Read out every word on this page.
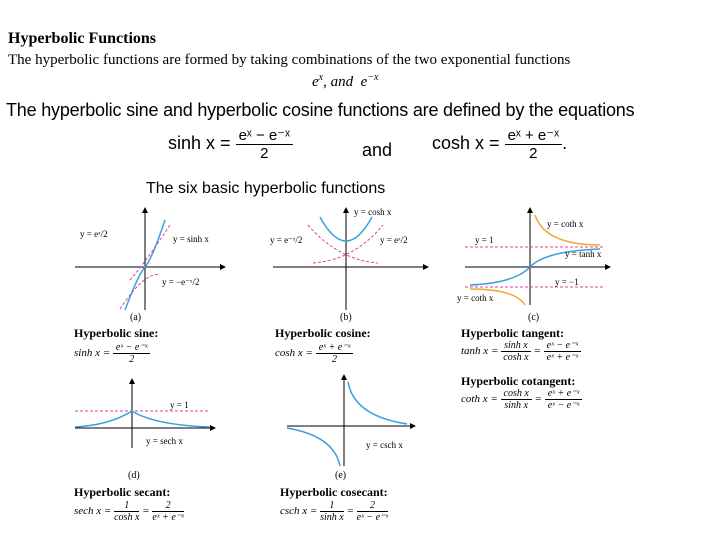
Hyperbolic Functions
The hyperbolic functions are formed by taking combinations of the two exponential functions
$e^x$, and  $e^{-x}$
The hyperbolic sine and hyperbolic cosine functions are defined by the equations
$\sinh x = \frac{\text{eˣ − e⁻ˣ}}{2}$	and $\cosh x = \frac{\text{eˣ + e⁻ˣ}}{2}$ .
The six basic hyperbolic functions
y = eˣ/2	y = sinh x
y = −e⁻ˣ/2
(a)
Hyperbolic sine:
$\sinh x = \frac{\text{eˣ − e⁻ˣ}}{2}$
y = cosh x
y = e⁻ˣ/2	y = eˣ/2
(b)
Hyperbolic cosine:
$\cosh x = \frac{\text{eˣ + e⁻ˣ}}{2}$
y = coth x
y = 1
y = tanh x
y = −1
y = coth x
(c)
Hyperbolic tangent:
$\tanh x = \frac{\text{sinh x}}{\text{cosh x}} = \frac{\text{eˣ − e⁻ˣ}}{\text{eˣ + e⁻ˣ}}$
Hyperbolic cotangent:
coth $x = \frac{\text{cosh x}}{\text{sinh x}} = \frac{\text{eˣ + e⁻ˣ}}{\text{eˣ − e⁻ˣ}}$
y = 1
y = sech x
(d)
Hyperbolic secant:
sech $x = \frac{1}{\text{cosh x}} = \frac{2}{\text{eˣ + e⁻ˣ}}$
y = csch x
(e)
Hyperbolic cosecant:
csch $x = \frac{1}{\text{sinh x}} = \frac{2}{\text{eˣ − e⁻ˣ}}$
